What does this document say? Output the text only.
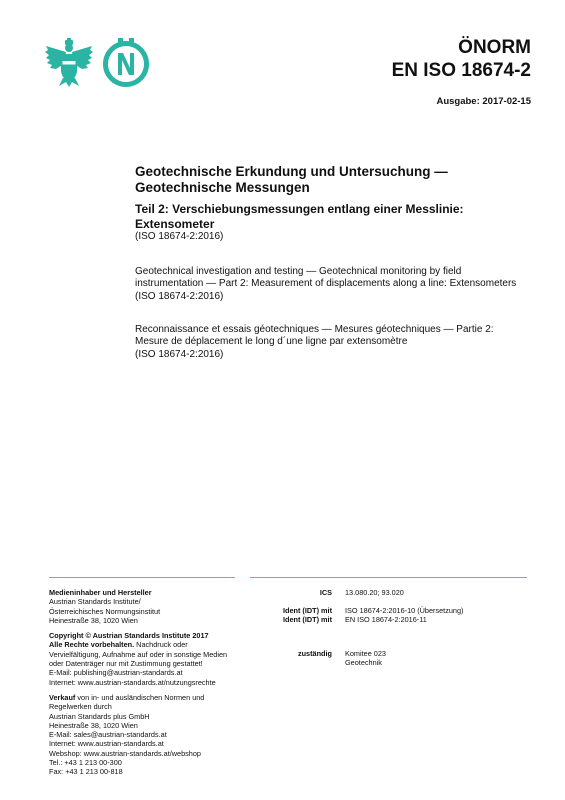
ÖNORM
EN ISO 18674-2
Ausgabe: 2017-02-15
Geotechnische Erkundung und Untersuchung — Geotechnische Messungen
Teil 2: Verschiebungsmessungen entlang einer Messlinie: Extensometer
(ISO 18674-2:2016)
Geotechnical investigation and testing — Geotechnical monitoring by field instrumentation — Part 2: Measurement of displacements along a line: Extensometers
(ISO 18674-2:2016)
Reconnaissance et essais géotechniques — Mesures géotechniques — Partie 2: Mesure de déplacement le long d´une ligne par extensomètre
(ISO 18674-2:2016)

Medieninhaber und Hersteller
Austrian Standards Institute/
Österreichisches Normungsinstitut
Heinestraße 38, 1020 Wien

Copyright © Austrian Standards Institute 2017
Alle Rechte vorbehalten. Nachdruck oder Vervielfältigung, Aufnahme auf oder in sonstige Medien oder Datenträger nur mit Zustimmung gestattet!
E-Mail: publishing@austrian-standards.at
Internet: www.austrian-standards.at/nutzungsrechte

Verkauf von in- und ausländischen Normen und Regelwerken durch
Austrian Standards plus GmbH
Heinestraße 38, 1020 Wien
E-Mail: sales@austrian-standards.at
Internet: www.austrian-standards.at
Webshop: www.austrian-standards.at/webshop
Tel.: +43 1 213 00-300
Fax: +43 1 213 00-818

ICS 13.080.20; 93.020
Ident (IDT) mit ISO 18674-2:2016-10 (Übersetzung)
Ident (IDT) mit EN ISO 18674-2:2016-11
zuständig Komitee 023
Geotechnik
